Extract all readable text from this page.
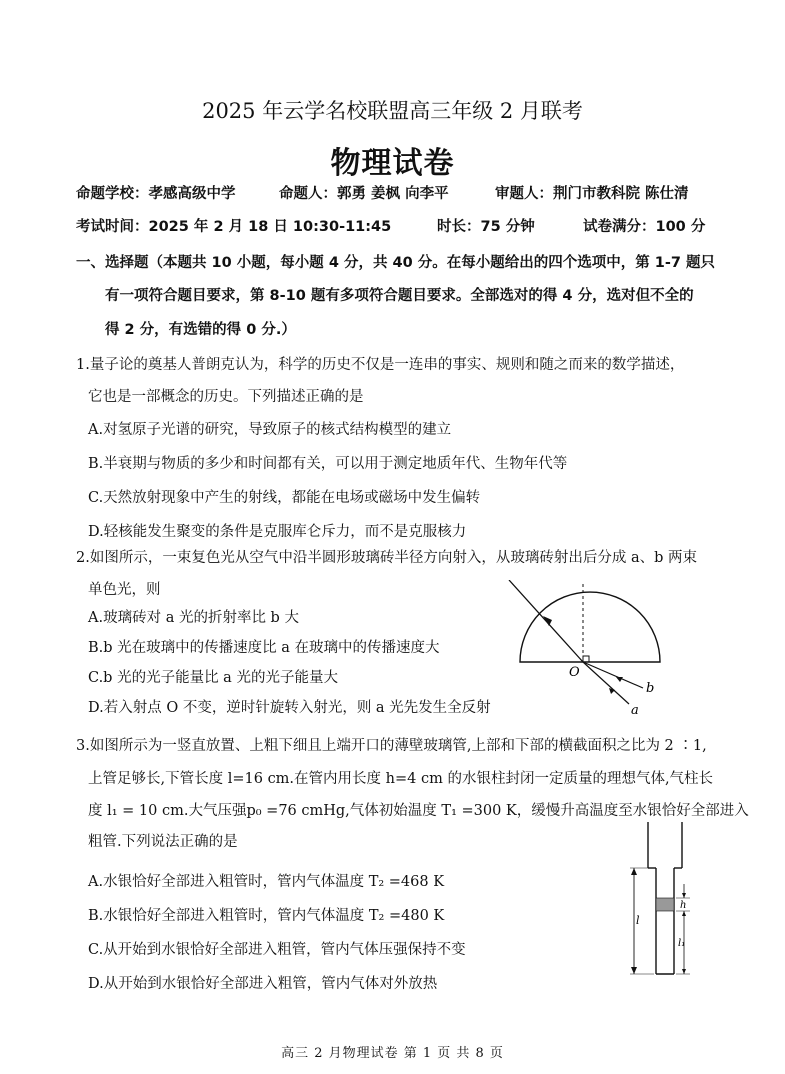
2025 年云学名校联盟高三年级 2 月联考
物理试卷
命题学校：孝感高级中学	命题人：郭勇 姜枫 向李平	审题人：荆门市教科院 陈仕清
考试时间：2025 年 2 月 18 日 10:30-11:45	时长：75 分钟	试卷满分：100 分
一、选择题（本题共 10 小题，每小题 4 分，共 40 分。在每小题给出的四个选项中，第 1-7 题只
有一项符合题目要求，第 8-10 题有多项符合题目要求。全部选对的得 4 分，选对但不全的
得 2 分，有选错的得 0 分.）
1.量子论的奠基人普朗克认为，科学的历史不仅是一连串的事实、规则和随之而来的数学描述，
它也是一部概念的历史。下列描述正确的是
A.对氢原子光谱的研究，导致原子的核式结构模型的建立
B.半衰期与物质的多少和时间都有关，可以用于测定地质年代、生物年代等
C.天然放射现象中产生的射线，都能在电场或磁场中发生偏转
D.轻核能发生聚变的条件是克服库仑斥力，而不是克服核力
2.如图所示，一束复色光从空气中沿半圆形玻璃砖半径方向射入，从玻璃砖射出后分成 a、b 两束
单色光，则
A.玻璃砖对 a 光的折射率比 b 大
B.b 光在玻璃中的传播速度比 a 在玻璃中的传播速度大
C.b 光的光子能量比 a 光的光子能量大
D.若入射点 O 不变，逆时针旋转入射光，则 a 光先发生全反射
O
b
a
3.如图所示为一竖直放置、上粗下细且上端开口的薄壁玻璃管,上部和下部的横截面积之比为 2 ∶1,
上管足够长,下管长度 l=16 cm.在管内用长度 h=4 cm 的水银柱封闭一定质量的理想气体,气柱长
度 l₁ = 10 cm.大气压强p₀ =76 cmHg,气体初始温度 T₁ =300 K，缓慢升高温度至水银恰好全部进入
粗管.下列说法正确的是
A.水银恰好全部进入粗管时，管内气体温度 T₂ =468 K
B.水银恰好全部进入粗管时，管内气体温度 T₂ =480 K
C.从开始到水银恰好全部进入粗管，管内气体压强保持不变
D.从开始到水银恰好全部进入粗管，管内气体对外放热
l
h
l₁
高三 2 月物理试卷 第 1 页 共 8 页
